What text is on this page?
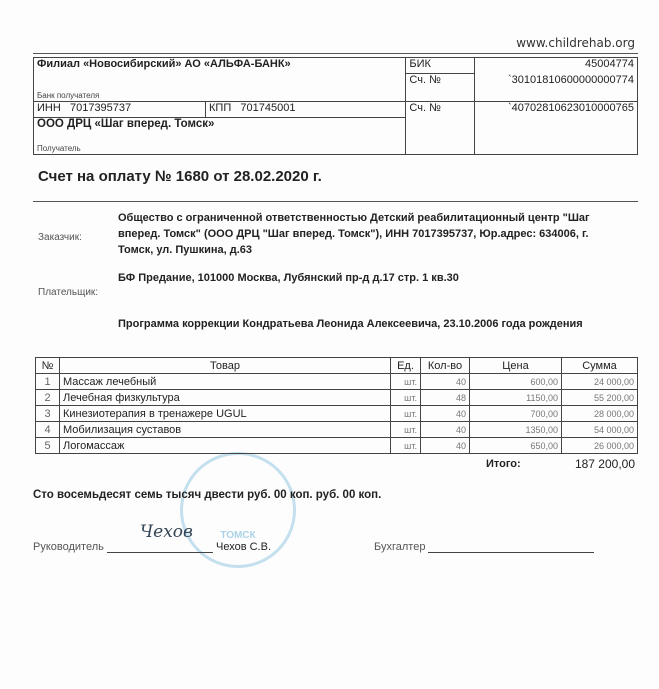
www.childrehab.org
Филиал «Новосибирский» АО «АЛЬФА-БАНК»
Банк получателя		БИК	45004774
		Сч. №	`30101810600000000774
ИНН 7017395737	КПП 701745001	Сч. №	`40702810623010000765
ООО ДРЦ «Шаг вперед. Томск»
Получатель			
Счет на оплату № 1680 от 28.02.2020 г.
Заказчик:
Общество с ограниченной ответственностью Детский реабилитационный центр "Шаг вперед. Томск" (ООО ДРЦ "Шаг вперед. Томск"), ИНН 7017395737, Юр.адрес: 634006, г. Томск, ул. Пушкина, д.63
Плательщик:
БФ Предание, 101000 Москва, Лубянский пр-д д.17 стр. 1 кв.30
Программа коррекции Кондратьева Леонида Алексеевича, 23.10.2006 года рождения
ТОМСК
№	Товар	Ед.	Кол-во	Цена	Сумма
1	Массаж лечебный	шт.	40	600,00	24 000,00
2	Лечебная физкультура	шт.	48	1150,00	55 200,00
3	Кинезиотерапия в тренажере UGUL	шт.	40	700,00	28 000,00
4	Мобилизация суставов	шт.	40	1350,00	54 000,00
5	Логомассаж	шт.	40	650,00	26 000,00
Итого:	187 200,00
Сто восемьдесят семь тысяч двести руб. 00 коп. руб. 00 коп.
Руководитель
Чехов
Чехов С.В.	Бухгалтер
